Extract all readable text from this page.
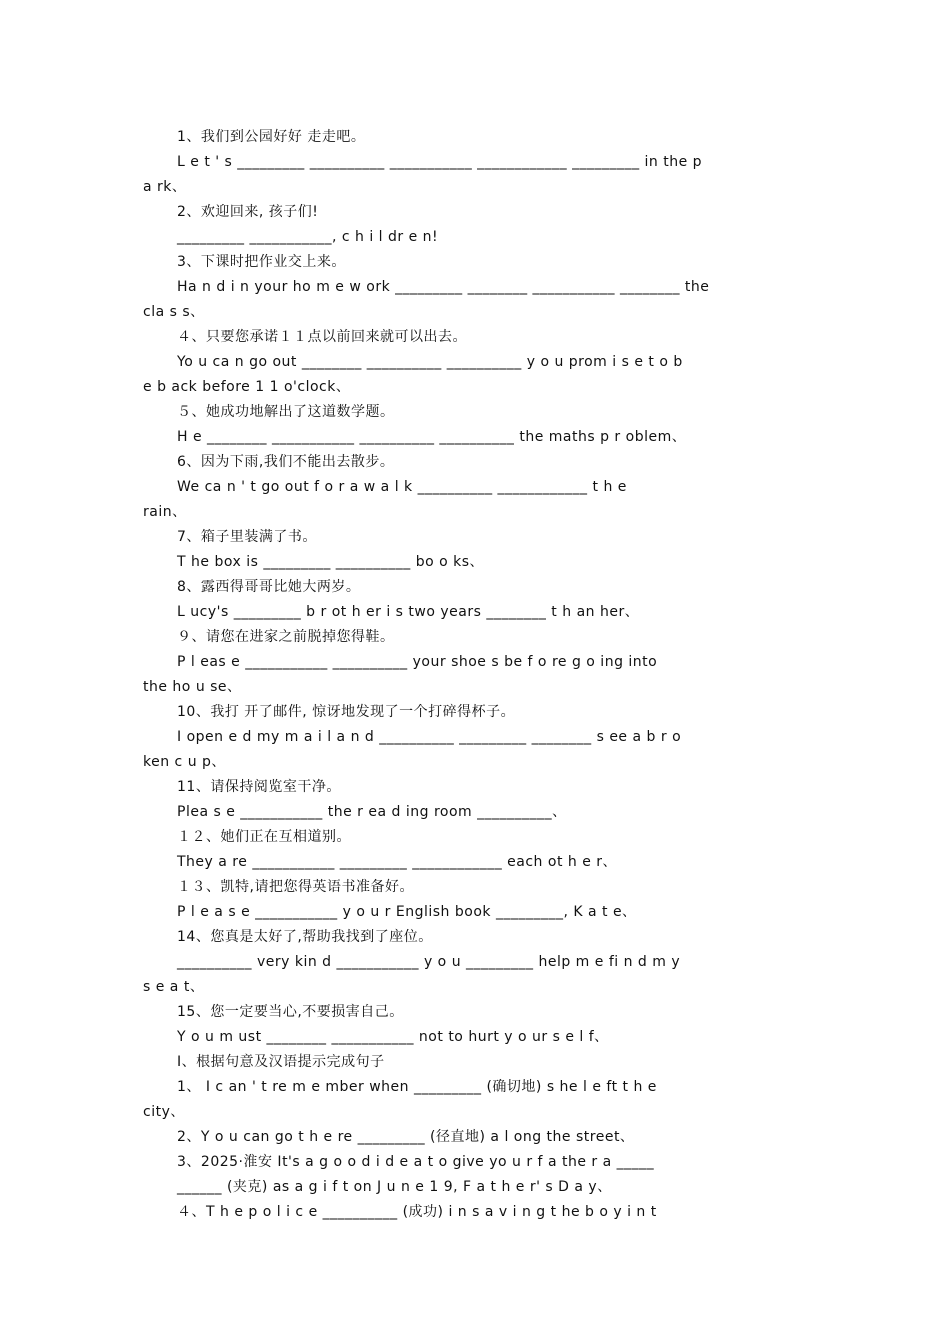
1、我们到公园好好 走走吧。
L e t ' s _________ __________ ___________ ____________ _________ in the p
a rk、
2、欢迎回来, 孩子们!
_________ ___________, c h i l dr e n!
3、下课时把作业交上来。
Ha n d i n your ho m e w ork _________ ________ ___________ ________ the
cla s s、
４、只要您承诺１１点以前回来就可以出去。
Yo u ca n go out ________ __________ __________ y o u prom i s e t o b
e b ack before 1 1 o'clock、
５、她成功地解出了这道数学题。
H e ________ ___________ __________ __________ the maths p r oblem、
6、因为下雨,我们不能出去散步。
We ca n ' t go out f o r a w a l k __________ ____________ t h e
rain、
7、箱子里装满了书。
T he box is _________ __________ bo o ks、
8、露西得哥哥比她大两岁。
L ucy's _________ b r ot h er i s two years ________ t h an her、
９、请您在进家之前脱掉您得鞋。
P l eas e ___________ __________ your shoe s be f o re g o ing into
the ho u se、
10、我打 开了邮件, 惊讶地发现了一个打碎得杯子。
I open e d my m a i l a n d __________ _________ ________ s ee a b r o
ken c u p、
11、请保持阅览室干净。
Plea s e ___________ the r ea d ing room __________、
１２、她们正在互相道别。
They a re ___________ _________ ____________ each ot h e r、
１３、凯特,请把您得英语书准备好。
P l e a s e ___________ y o u r English book _________, K a t e、
14、您真是太好了,帮助我找到了座位。
__________ very kin d ___________ y o u _________ help m e fi n d m y
s e a t、
15、您一定要当心,不要损害自己。
Y o u m ust ________ ___________ not to hurt y o ur s e l f、
Ⅰ、根据句意及汉语提示完成句子
1、 I c an ' t re m e mber when _________ (确切地) s he l e ft t h e
city、
2、Y o u can go t h e re _________ (径直地) a l ong the street、
3、2025·淮安 It's a g o o d i d e a t o give yo u r f a the r a _____
______ (夹克) as a g i f t on J u n e 1 9, F a t h e r' s D a y、
４、T h e p o l i c e __________ (成功) i n s a v i n g t he b o y i n t
